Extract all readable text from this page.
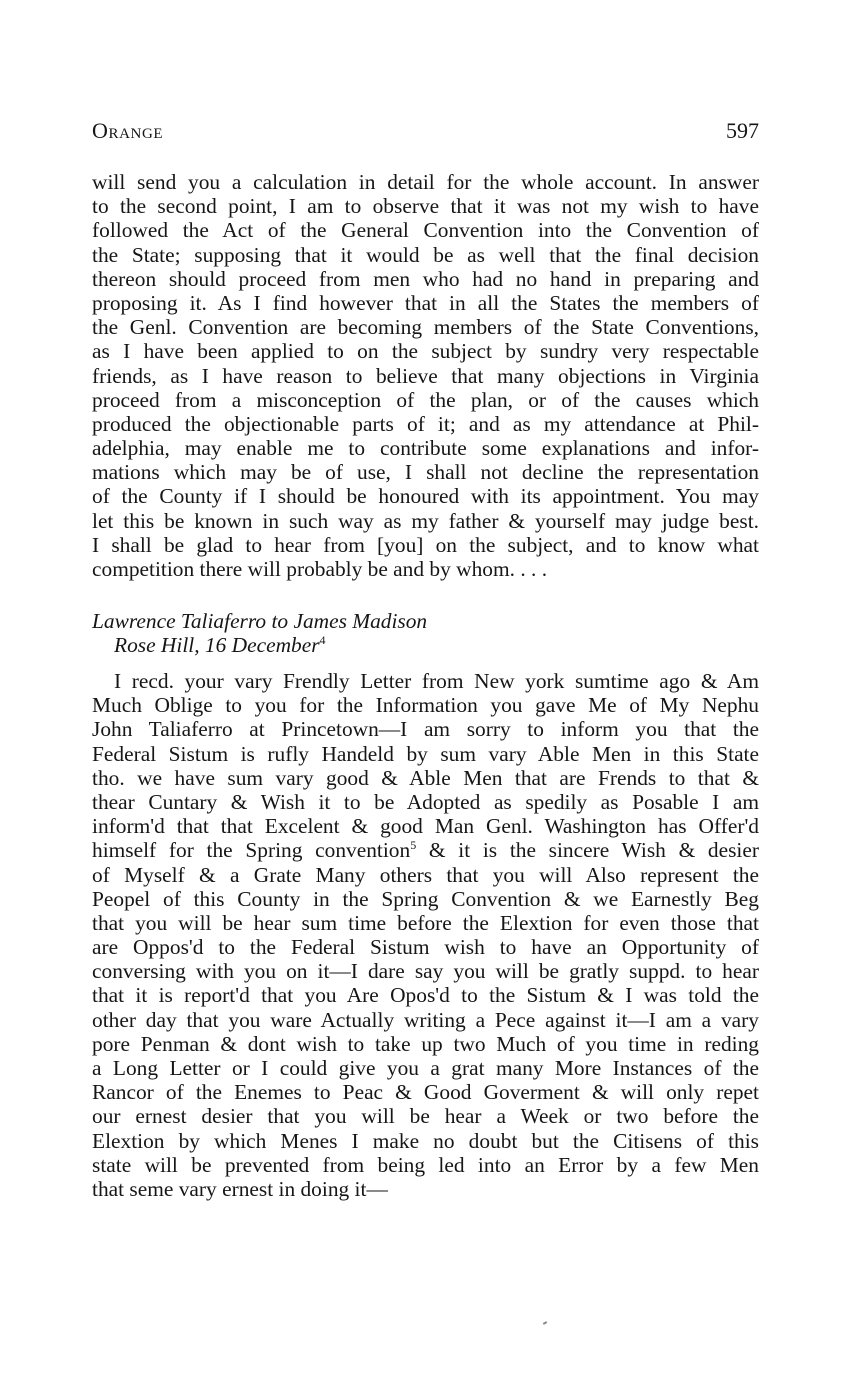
Orange	597
will send you a calculation in detail for the whole account. In answer
to the second point, I am to observe that it was not my wish to have
followed the Act of the General Convention into the Convention of
the State; supposing that it would be as well that the final decision
thereon should proceed from men who had no hand in preparing and
proposing it. As I find however that in all the States the members of
the Genl. Convention are becoming members of the State Conventions,
as I have been applied to on the subject by sundry very respectable
friends, as I have reason to believe that many objections in Virginia
proceed from a misconception of the plan, or of the causes which
produced the objectionable parts of it; and as my attendance at Phil-
adelphia, may enable me to contribute some explanations and infor-
mations which may be of use, I shall not decline the representation
of the County if I should be honoured with its appointment. You may
let this be known in such way as my father & yourself may judge best.
I shall be glad to hear from [you] on the subject, and to know what
competition there will probably be and by whom. . . .
Lawrence Taliaferro to James Madison
Rose Hill, 16 December$^4$
I recd. your vary Frendly Letter from New york sumtime ago & Am
Much Oblige to you for the Information you gave Me of My Nephu
John Taliaferro at Princetown—I am sorry to inform you that the
Federal Sistum is rufly Handeld by sum vary Able Men in this State
tho. we have sum vary good & Able Men that are Frends to that &
thear Cuntary & Wish it to be Adopted as spedily as Posable I am
inform'd that that Excelent & good Man Genl. Washington has Offer'd
himself for the Spring convention$^5$ & it is the sincere Wish & desier
of Myself & a Grate Many others that you will Also represent the
Peopel of this County in the Spring Convention & we Earnestly Beg
that you will be hear sum time before the Elextion for even those that
are Oppos'd to the Federal Sistum wish to have an Opportunity of
conversing with you on it—I dare say you will be gratly suppd. to hear
that it is report'd that you Are Opos'd to the Sistum & I was told the
other day that you ware Actually writing a Pece against it—I am a vary
pore Penman & dont wish to take up two Much of you time in reding
a Long Letter or I could give you a grat many More Instances of the
Rancor of the Enemes to Peac & Good Goverment & will only repet
our ernest desier that you will be hear a Week or two before the
Elextion by which Menes I make no doubt but the Citisens of this
state will be prevented from being led into an Error by a few Men
that seme vary ernest in doing it—
